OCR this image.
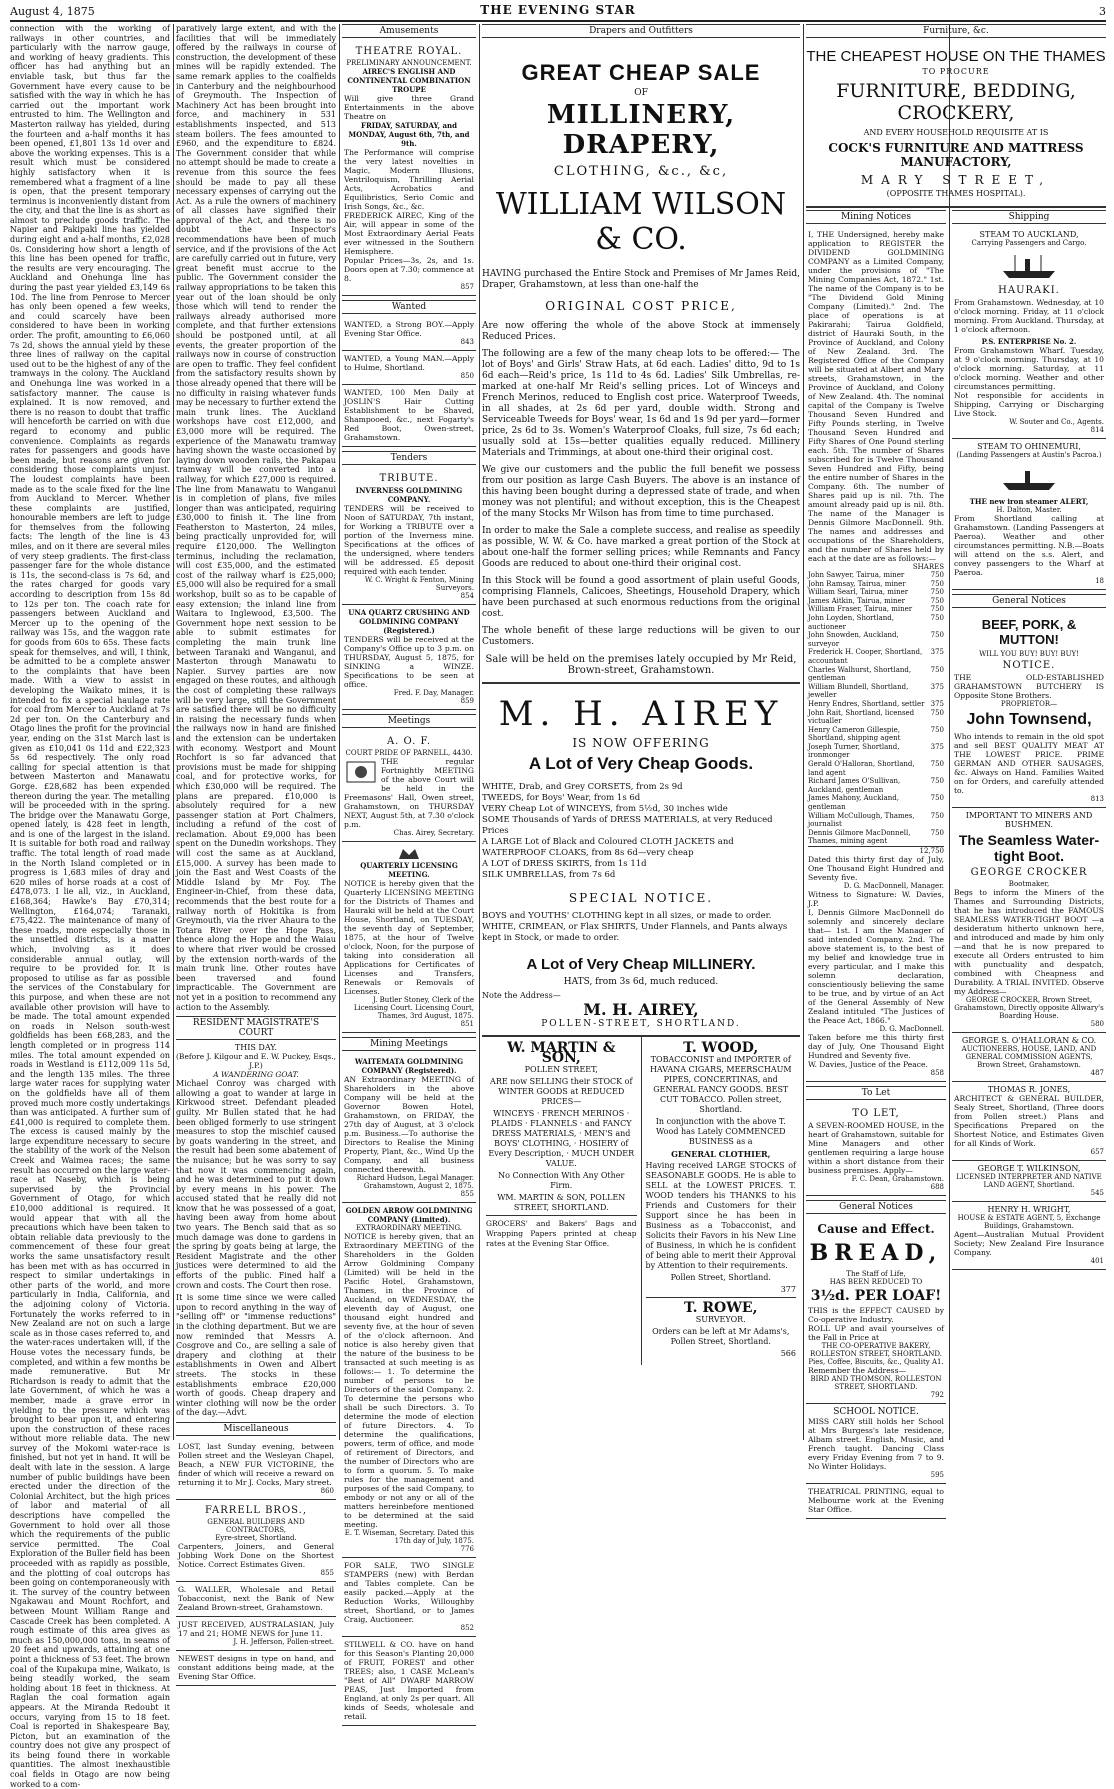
August 4, 1875	THE EVENING STAR	3

connection with the working of railways in other countries, and particularly with the narrow gauge, and working of heavy gradients. This officer has had anything but an enviable task, but thus far the Government have every cause to be satisfied with the way in which he has carried out the important work entrusted to him. The Wellington and Masterton railway has yielded, during the fourteen and a-half months it has been opened, £1,801 13s 1d over and above the working expenses. This is a result which must be considered highly satisfactory when it is remembered what a fragment of a line is open, that the present temporary terminus is inconveniently distant from the city, and that the line is as short as almost to preclude goods traffic. The Napier and Pakipaki line has yielded during eight and a-half months, £2,028 0s. Considering how short a length of this line has been opened for traffic, the results are very encouraging. The Auckland and Onehunga line has during the past year yielded £3,149 6s 10d. The line from Penrose to Mercer has only been opened a few weeks, and could scarcely have been considered to have been in working order. The profit, amounting to £6,060 7s 2d, shows the annual yield by these three lines of railway on the capital used out to be the highest of any of the tramways in the colony. The Auckland and Onehunga line was worked in a satisfactory manner. The cause is explained. It is now removed, and there is no reason to doubt that traffic will henceforth be carried on with due regard to economy and public convenience. Complaints as regards rates for passengers and goods have been made, but reasons are given for considering those complaints unjust. The loudest complaints have been made as to the scale fixed for the line from Auckland to Mercer. Whether these complaints are justified, honourable members are left to judge for themselves from the following facts: The length of the line is 43 miles, and on it there are several miles of very steep gradients. The first-class passenger fare for the whole distance is 11s, the second-class is 7s 6d, and the rates charged for goods vary according to description from 15s 8d to 12s per ton. The coach rate for passengers between Auckland and Mercer up to the opening of the railway was 15s, and the waggon rate for goods from 60s to 65s. These facts speak for themselves, and will, I think, be admitted to be a complete answer to the complaints that have been made. With a view to assist in developing the Waikato mines, it is intended to fix a special haulage rate for coal from Mercer to Auckland at 7s 2d per ton. On the Canterbury and Otago lines the profit for the provincial year, ending on the 31st March last is given as £10,041 0s 11d and £22,323 5s 6d respectively. The only road calling for special attention is that between Masterton and Manawatu Gorge. £28,682 has been expended thereon during the year. The metalling will be proceeded with in the spring. The bridge over the Manawatu Gorge, opened lately, is 428 feet in length, and is one of the largest in the island. It is suitable for both road and railway traffic. The total length of road made in the North Island completed or in progress is 1,683 miles of dray and 620 miles of horse roads at a cost of £478,073. I lie all, viz., in Auckland, £168,364; Hawke's Bay £70,314; Wellington, £164,074; Taranaki, £75,422. The maintenance of many of these roads, more especially those in the unsettled districts, is a matter which, involving as it does considerable annual outlay, will require to be provided for. It is proposed to utilise as far as possible the services of the Constabulary for this purpose, and when these are not available other provision will have to be made. The total amount expended on roads in Nelson south-west goldfields has been £68,283, and the length completed or in progress 114 miles. The total amount expended on roads in Westland is £112,009 11s 5d, and the length 135 miles. The three large water races for supplying water on the goldfields have all of them proved much more costly undertakings than was anticipated. A further sum of £41,000 is required to complete them. The excess is caused mainly by the large expenditure necessary to secure the stability of the work of the Nelson Creek and Waimea races; the same result has occurred on the large water-race at Naseby, which is being supervised by the Provincial Government of Otago, for which £10,000 additional is required. It would appear that with all the precautions which have been taken to obtain reliable data previously to the commencement of these four great works the same unsatisfactory result has been met with as has occurred in respect to similar undertakings in other parts of the world, and more particularly in India, California, and the adjoining colony of Victoria. Fortunately the works referred to in New Zealand are not on such a large scale as in those cases referred to, and the water-races undertaken will, if the House votes the necessary funds, be completed, and within a few months be made remunerative. But Mr Richardson is ready to admit that the late Government, of which he was a member, made a grave error in yielding to the pressure which was brought to bear upon it, and entering upon the construction of these races without more reliable data. The new survey of the Mokomi water-race is finished, but not yet in hand. It will be dealt with late in the session. A large number of public buildings have been erected under the direction of the Colonial Architect, but the high prices of labor and material of all descriptions have compelled the Government to hold over all those which the requirements of the public service permitted. The Coal Exploration of the Buller field has been proceeded with as rapidly as possible, and the plotting of coal outcrops has been going on contemporaneously with it. The survey of the country between Ngakawau and Mount Rochfort, and between Mount William Range and Cascade Creek has been completed. A rough estimate of this area gives as much as 150,000,000 tons, in seams of 20 feet and upwards, attaining at one point a thickness of 53 feet. The brown coal of the Kupakupa mine, Waikato, is being steadily worked, the seam holding about 18 feet in thickness. At Raglan the coal formation again appears. At the Miranda Redoubt it occurs, varying from 15 to 18 feet. Coal is reported in Shakespeare Bay, Picton, but an examination of the country does not give any prospect of its being found there in workable quantities. The almost inexhaustible coal fields in Otago are now being worked to a com-

paratively large extent, and with the facilities that will be immediately offered by the railways in course of construction, the development of these mines will be rapidly extended. The same remark applies to the coalfields in Canterbury and the neighbourhood of Greymouth. The Inspection of Machinery Act has been brought into force, and machinery in 531 establishments inspected, and 513 steam boilers. The fees amounted to £960, and the expenditure to £824. The Government consider that while no attempt should be made to create a revenue from this source the fees should be made to pay all these necessary expenses of carrying out the Act. As a rule the owners of machinery of all classes have signified their approval of the Act, and there is no doubt the Inspector's recommendations have been of much service, and if the provisions of the Act are carefully carried out in future, very great benefit must accrue to the public. The Government consider the railway appropriations to be taken this year out of the loan should be only those which will tend to render the railways already authorised more complete, and that further extensions should be postponed until, at all events, the greater proportion of the railways now in course of construction are open to traffic. They feel confident from the satisfactory results shown by those already opened that there will be no difficulty in raising whatever funds may be necessary to further extend the main trunk lines. The Auckland workshops have cost £12,000, and £3,000 more will be required. The experience of the Manawatu tramway having shown the waste occasioned by laying down wooden rails, the Pakapau tramway will be converted into a railway, for which £27,000 is required. The line from Manawatu to Wanganui is in completion of plans, five miles longer than was anticipated, requiring £30,000 to finish it. The line from Featherston to Masterton, 24 miles, being practically unprovided for, will require £120,000. The Wellington terminus, including the reclamation, will cost £35,000, and the estimated cost of the railway wharf is £25,000; £5,000 will also be required for a small workshop, built so as to be capable of easy extension; the inland line from Waitara to Inglewood, £3,500. The Government hope next session to be able to submit estimates for completing the main trunk line between Taranaki and Wanganui, and Masterton through Manawatu to Napier. Survey parties are now engaged on these routes, and although the cost of completing these railways will be very large, still the Government are satisfied there will be no difficulty in raising the necessary funds when the railways now in hand are finished and the extension can be undertaken with economy. Westport and Mount Rochfort is so far advanced that provisions must be made for shipping coal, and for protective works, for which £30,000 will be required. The plans are prepared. £10,000 is absolutely required for a new passenger station at Port Chalmers, including a refund of the cost of reclamation. About £9,000 has been spent on the Dunedin workshops. They will cost the same as at Auckland, £15,000. A survey has been made to join the East and West Coasts of the Middle Island by Mr Foy. The Engineer-in-Chief, from these data, recommends that the best route for a railway north of Hokitika is from Greymouth, via the river Ahaura to the Totara River over the Hope Pass, thence along the Hope and the Waiau to where that river would be crossed by the extension north-wards of the main trunk line. Other routes have been traversed and found impracticable. The Government are not yet in a position to recommend any action to the Assembly.

RESIDENT MAGISTRATE'S COURT
THIS DAY.
(Before J. Kilgour and E. W. Puckey, Esqs., J.P.)
A WANDERING GOAT.

Michael Conroy was charged with allowing a goat to wander at large in Kirkwood street. Defendant pleaded guilty. Mr Bullen stated that he had been obliged formerly to use stringent measures to stop the mischief caused by goats wandering in the street, and the result had been some abatement of the nuisance; but he was sorry to say that now it was commencing again, and he was determined to put it down by every means in his power. The accused stated that he really did not know that he was possessed of a goat, having been away from home about two years. The Bench said that as so much damage was done to gardens in the spring by goats being at large, the Resident Magistrate and the other justices were determined to aid the efforts of the public. Fined half a crown and costs. The Court then rose.

It is some time since we were called upon to record anything in the way of "selling off" or "immense reductions" in the clothing department. But we are now reminded that Messrs A. Cosgrove and Co., are selling a sale of drapery and clothing at their establishments in Owen and Albert streets. The stocks in these establishments embrace £20,000 worth of goods. Cheap drapery and winter clothing will now be the order of the day.—Advt.

Miscellaneous

LOST, last Sunday evening, between Pollen street and the Wesleyan Chapel, Beach, a NEW FUR VICTORINE, the finder of which will receive a reward on returning it to Mr J. Cocks, Mary street.

860
FARRELL BROS.,
GENERAL BUILDERS AND CONTRACTORS,
Eyre-street, Shortland.

Carpenters, Joiners, and General Jobbing Work Done on the Shortest Notice. Correct Estimates Given.

855

G. WALLER, Wholesale and Retail Tobacconist, next the Bank of New Zealand Brown-street, Grahamstown.

JUST RECEIVED, AUSTRALASIAN, July 17 and 21; HOME NEWS for June 11.

J. H. Jefferson, Pollen-street.

NEWEST designs in type on hand, and constant additions being made, at the Evening Star Office.

Amusements
THEATRE ROYAL.
PRELIMINARY ANNOUNCEMENT.
AIREC'S ENGLISH AND CONTINENTAL COMBINATION TROUPE

Will give three Grand Entertainments in the above Theatre on

FRIDAY, SATURDAY, and MONDAY, August 6th, 7th, and 9th.

The Performance will comprise the very latest novelties in Magic, Modern Illusions, Ventriloquism, Thrilling Aerial Acts, Acrobatics and Equilibristics, Serio Comic and Irish Songs, &c., &c.

FREDERICK AIREC, King of the Air, will appear in some of the Most Extraordinary Aerial Feats ever witnessed in the Southern Hemisphere.

Popular Prices—3s, 2s, and 1s. Doors open at 7.30; commence at 8.

857
Wanted

WANTED, a Strong BOY.—Apply Evening Star Office.

843

WANTED, a Young MAN.—Apply to Hulme, Shortland.

850

WANTED, 100 Men Daily at JOSLIN'S Hair Cutting Establishment to be Shaved, Shampooed, &c., next Fogarty's Red Boot, Owen-street, Grahamstown.

Tenders
TRIBUTE.
INVERNESS GOLDMINING COMPANY.

TENDERS will be received to Noon of SATURDAY, 7th instant, for Working a TRIBUTE over a portion of the Inverness mine. Specifications at the offices of the undersigned, where tenders will be addressed. £5 deposit required with each tender.

W. C. Wright & Fenton, Mining Surveyors.
854
UNA QUARTZ CRUSHING AND GOLDMINING COMPANY (Registered.)

TENDERS will be received at the Company's Office up to 3 p.m. on THURSDAY, August 5, 1875, for SINKING a WINZE. Specifications to be seen at office.

Fred. F. Day, Manager.
859
Meetings
A. O. F.
COURT PRIDE OF PARNELL, 4430.

THE regular Fortnightly MEETING of the above Court will be held in the Freemasons' Hall, Owen street, Grahamstown, on THURSDAY NEXT, August 5th, at 7.30 o'clock p.m.

Chas. Airey, Secretary.
QUARTERLY LICENSING MEETING.

NOTICE is hereby given that the Quarterly LICENSING MEETING for the Districts of Thames and Hauraki will be held at the Court House, Shortland, on TUESDAY, the seventh day of September, 1875, at the hour of Twelve o'clock, Noon, for the purpose of taking into consideration all Applications for Certificates of Licenses and Transfers, Renewals or Removals of Licenses.

J. Butler Stoney, Clerk of the Licensing Court. Licensing Court, Thames, 3rd August, 1875.
851
Mining Meetings
WAITEMATA GOLDMINING COMPANY (Registered).

AN Extraordinary MEETING of Shareholders in the above Company will be held at the Governor Bowen Hotel, Grahamstown, on FRIDAY, the 27th day of August, at 3 o'clock p.m. Business.—To authorise the Directors to Realise the Mining Property, Plant, &c., Wind Up the Company, and all business connected therewith.

Richard Hudson, Legal Manager. Grahamstown, August 2, 1875.
855
GOLDEN ARROW GOLDMINING COMPANY (Limited).
EXTRAORDINARY MEETING.

NOTICE is hereby given, that an Extraordinary MEETING of the Shareholders in the Golden Arrow Goldmining Company (Limited) will be held in the Pacific Hotel, Grahamstown, Thames, in the Province of Auckland, on WEDNESDAY, the eleventh day of August, one thousand eight hundred and seventy five, at the hour of seven of the o'clock afternoon. And notice is also hereby given that the nature of the business to be transacted at such meeting is as follows:— 1. To determine the number of persons to be Directors of the said Company. 2. To determine the persons who shall be such Directors. 3. To determine the mode of election of future Directors. 4. To determine the qualifications, powers, term of office, and mode of retirement of Directors, and the number of Directors who are to form a quorum. 5. To make rules for the management and purposes of the said Company, to embody or not any or all of the matters hereinbefore mentioned to be determined at the said meeting.

E. T. Wiseman, Secretary. Dated this 17th day of July, 1875.
776

FOR SALE, TWO SINGLE STAMPERS (new) with Berdan and Tables complete. Can be easily packed.—Apply at the Reduction Works, Willoughby street, Shortland, or to James Craig, Auctioneer.

852

STILWELL & CO. have on hand for this Season's Planting 20,000 of FRUIT, FOREST and other TREES; also, 1 CASE McLean's "Best of All" DWARF MARROW PEAS, Just Imported from England, at only 2s per quart. All kinds of Seeds, wholesale and retail.

Drapers and Outfitters
GREAT CHEAP SALE
OF
MILLINERY, DRAPERY,
CLOTHING, &c., &c,
WILLIAM WILSON & CO.

HAVING purchased the Entire Stock and Premises of Mr James Reid, Draper, Grahamstown, at less than one-half the

ORIGINAL COST PRICE,

Are now offering the whole of the above Stock at immensely Reduced Prices.

The following are a few of the many cheap lots to be offered:— The lot of Boys' and Girls' Straw Hats, at 6d each. Ladies' ditto, 9d to 1s 6d each—Reid's price, 1s 11d to 4s 6d. Ladies' Silk Umbrellas, re-marked at one-half Mr Reid's selling prices. Lot of Winceys and French Merinos, reduced to English cost price. Waterproof Tweeds, in all shades, at 2s 6d per yard, double width. Strong and Serviceable Tweeds for Boys' wear, 1s 6d and 1s 9d per yard—former price, 2s 6d to 3s. Women's Waterproof Cloaks, full size, 7s 6d each; usually sold at 15s—better qualities equally reduced. Millinery Materials and Trimmings, at about one-third their original cost.

We give our customers and the public the full benefit we possess from our position as large Cash Buyers. The above is an instance of this having been bought during a depressed state of trade, and when money was not plentiful; and without exception, this is the Cheapest of the many Stocks Mr Wilson has from time to time purchased.

In order to make the Sale a complete success, and realise as speedily as possible, W. W. & Co. have marked a great portion of the Stock at about one-half the former selling prices; while Remnants and Fancy Goods are reduced to about one-third their original cost.

In this Stock will be found a good assortment of plain useful Goods, comprising Flannels, Calicoes, Sheetings, Household Drapery, which have been purchased at such enormous reductions from the original cost.

The whole benefit of these large reductions will be given to our Customers.

Sale will be held on the premises lately occupied by Mr Reid, Brown-street, Grahamstown.

M. H. AIREY
IS NOW OFFERING
A Lot of Very Cheap Goods.

WHITE, Drab, and Grey CORSETS, from 2s 9d

TWEEDS, for Boys' Wear, from 1s 6d

VERY Cheap Lot of WINCEYS, from 5½d, 30 inches wide

SOME Thousands of Yards of DRESS MATERIALS, at very Reduced Prices

A LARGE Lot of Black and Coloured CLOTH JACKETS and WATERPROOF CLOAKS, from 8s 6d—very cheap

A LOT of DRESS SKIRTS, from 1s 11d

SILK UMBRELLAS, from 7s 6d

SPECIAL NOTICE.

BOYS and YOUTHS' CLOTHING kept in all sizes, or made to order.

WHITE, CRIMEAN, or Flax SHIRTS, Under Flannels, and Pants always kept in Stock, or made to order.

A Lot of Very Cheap MILLINERY.
HATS, from 3s 6d, much reduced.
Note the Address—
M. H. AIREY,
POLLEN-STREET, SHORTLAND.

W. MARTIN & SON,

POLLEN STREET,

ARE now SELLING their STOCK of WINTER GOODS at REDUCED PRICES—

WINCEYS · FRENCH MERINOS · PLAIDS · FLANNELS · and FANCY DRESS MATERIALS, · MEN'S and BOYS' CLOTHING, · HOSIERY of Every Description, · MUCH UNDER VALUE.

No Connection With Any Other Firm.

WM. MARTIN & SON, POLLEN STREET, SHORTLAND.

GROCERS' and Bakers' Bags and Wrapping Papers printed at cheap rates at the Evening Star Office.

T. WOOD,

TOBACCONIST and IMPORTER of HAVANA CIGARS, MEERSCHAUM PIPES, CONCERTINAS, and GENERAL FANCY GOODS. BEST CUT TOBACCO. Pollen street, Shortland.

In conjunction with the above T. Wood has Lately COMMENCED BUSINESS as a

GENERAL CLOTHIER,

Having received LARGE STOCKS of SEASONABLE GOODS. He is able to SELL at the LOWEST PRICES. T. WOOD tenders his THANKS to his Friends and Customers for their Support since he has been in Business as a Tobacconist, and Solicits their Favors in his New Line of Business, in which he is confident of being able to merit their Approval by Attention to their requirements.

Pollen Street, Shortland.

377

T. ROWE,

SURVEYOR.

Orders can be left at Mr Adams's, Pollen Street, Shortland.

566

Mining Notices

I, THE Undersigned, hereby make application to REGISTER the DIVIDEND GOLDMINING COMPANY as a Limited Company, under the provisions of "The Mining Companies Act, 1872." 1st. The name of the Company is to be "The Dividend Gold Mining Company (Limited)." 2nd. The place of operations is at Pakirarahi; Tairua Goldfield, district of Hauraki South, in the Province of Auckland, and Colony of New Zealand. 3rd. The Registered Office of the Company will be situated at Albert and Mary streets, Grahamstown, in the Province of Auckland, and Colony of New Zealand. 4th. The nominal capital of the Company is Twelve Thousand Seven Hundred and Fifty Pounds sterling, in Twelve Thousand Seven Hundred and Fifty Shares of One Pound sterling each. 5th. The number of Shares subscribed for is Twelve Thousand Seven Hundred and Fifty, being the entire number of Shares in the Company. 6th. The number of Shares paid up is nil. 7th. The amount already paid up is nil. 8th. The name of the Manager is Dennis Gilmore MacDonnell. 9th. The names and addresses and occupations of the Shareholders, and the number of Shares held by each at the date are as follows:—

SHARES
John Sawyer, Tairua, miner	750
John Ramsay, Tairua, miner	750
William Searl, Tairua, miner	750
James Aitkin, Tairua, miner	750
William Fraser, Tairua, miner	750
John Loyden, Shortland, auctioneer
750
John Snowden, Auckland, surveyor
750
Frederick H. Cooper, Shortland, accountant
375
Charles Walhurst, Shortland, gentleman
750
William Blundell, Shortland, jeweller
375
Henry Endres, Shortland, settler 375
John Rait, Shortland, licensed victualler
750
Henry Cameron Gillespie, Shortland, shipping agent
750
Joseph Turner, Shortland, ironmonger
375
Gerald O'Halloran, Shortland, land agent
750
Richard James O'Sullivan, Auckland, gentleman
750
James Mahony, Auckland, gentleman
750
William McCullough, Thames, journalist
750
Dennis Gilmore MacDonnell, Thames, mining agent
750
12,750

Dated this thirty first day of July, One Thousand Eight Hundred and Seventy five.

D. G. MacDonnell, Manager.

Witness to Signature: W. Davies, J.P.

I, Dennis Gilmore MacDonnell do solemnly and sincerely declare that— 1st. I am the Manager of said intended Company. 2nd. The above statement is, to the best of my belief and knowledge true in every particular, and I make this solemn declaration, conscientiously believing the same to be true, and by virtue of an Act of the General Assembly of New Zealand intituled "The Justices of the Peace Act, 1866."

D. G. MacDonnell.

Taken before me this thirty first day of July, One Thousand Eight Hundred and Seventy five.

W. Davies, Justice of the Peace.

858
To Let
TO LET,

A SEVEN-ROOMED HOUSE, in the heart of Grahamstown, suitable for Mine Managers and other gentlemen requiring a large house within a short distance from their business premises. Apply—

F. C. Dean, Grahamstown.
688
General Notices
Cause and Effect.
BREAD,
The Staff of Life,
HAS BEEN REDUCED TO
3½d. PER LOAF!

THIS is the EFFECT CAUSED by Co-operative Industry.

ROLL UP and avail yourselves of the Fall in Price at

THE CO-OPERATIVE BAKERY, ROLLESTON STREET, SHORTLAND.
Pies, Coffee, Biscuits, &c., Quality A1.

Remember the Address—

BIRD AND THOMSON, ROLLESTON STREET, SHORTLAND.
792
SCHOOL NOTICE.

MISS CARY still holds her School at Mrs Burgess's late residence, Albam street. English, Music, and French taught. Dancing Class every Friday Evening from 7 to 9. No Winter Holidays.

595

THEATRICAL PRINTING, equal to Melbourne work at the Evening Star Office.

Furniture, &c.
THE CHEAPEST HOUSE ON THE THAMES
TO PROCURE
FURNITURE, BEDDING, CROCKERY,
AND EVERY HOUSEHOLD REQUISITE AT IS
COCK'S FURNITURE AND MATTRESS MANUFACTORY,
MARY STREET,
(OPPOSITE THAMES HOSPITAL).
Shipping
STEAM TO AUCKLAND,
Carrying Passengers and Cargo.
HAURAKI.

From Grahamstown. Wednesday, at 10 o'clock morning. Friday, at 11 o'clock morning. From Auckland. Thursday, at 1 o'clock afternoon.

P.S. ENTERPRISE No. 2.

From Grahamstown Wharf. Tuesday, at 9 o'clock morning. Thursday, at 10 o'clock morning. Saturday, at 11 o'clock morning. Weather and other circumstances permitting.

Not responsible for accidents in Shipping, Carrying or Discharging Live Stock.

W. Souter and Co., Agents.
814
STEAM TO OHINEMURI,
(Landing Passengers at Austin's Pacroa.)
THE new iron steamer ALERT,
H. Dalton, Master.

From Shortland calling at Grahamstown. (Landing Passengers at Paeroa). Weather and other circumstances permitting. N.B.—Boats will attend on the s.s. Alert, and convey passengers to the Wharf at Paeroa.

18
General Notices
BEEF, PORK, & MUTTON!
WILL YOU BUY! BUY! BUY!
NOTICE.

THE OLD-ESTABLISHED GRAHAMSTOWN BUTCHERY IS Opposite Stone Brothers.

PROPRIETOR—
John Townsend,

Who intends to remain in the old spot and sell BEST QUALITY MEAT AT THE LOWEST PRICE. PRIME GERMAN AND OTHER SAUSAGES, &c. Always on Hand. Families Waited on for Orders, and carefully attended to.

813
IMPORTANT TO MINERS AND BUSHMEN.
The Seamless Water-tight Boot.
GEORGE CROCKER
Bootmaker,

Begs to inform the Miners of the Thames and Surrounding Districts, that he has introduced the FAMOUS SEAMLESS WATER-TIGHT BOOT —a desideratum hitherto unknown here, and introduced and made by him only—and that he is now prepared to execute all Orders entrusted to him with punctuality and despatch, combined with Cheapness and Durability. A TRIAL INVITED. Observe my Address—

GEORGE CROCKER, Brown Street, Grahamstown, Directly opposite Allwary's Boarding House.
580
GEORGE S. O'HALLORAN & CO.
AUCTIONEERS, HOUSE, LAND, AND GENERAL COMMISSION AGENTS, Brown Street, Grahamstown.
487
THOMAS R. JONES,

ARCHITECT & GENERAL BUILDER, Sealy Street, Shortland, (Three doors from Pollen street.) Plans and Specifications Prepared on the Shortest Notice, and Estimates Given for all Kinds of Work.

657
GEORGE T. WILKINSON,
LICENSED INTERPRETER AND NATIVE LAND AGENT, Shortland.
545
HENRY H. WRIGHT,
HOUSE & ESTATE AGENT, 5, Exchange Buildings, Grahamstown.

Agent—Australian Mutual Provident Society; New Zealand Fire Insurance Company.

401
